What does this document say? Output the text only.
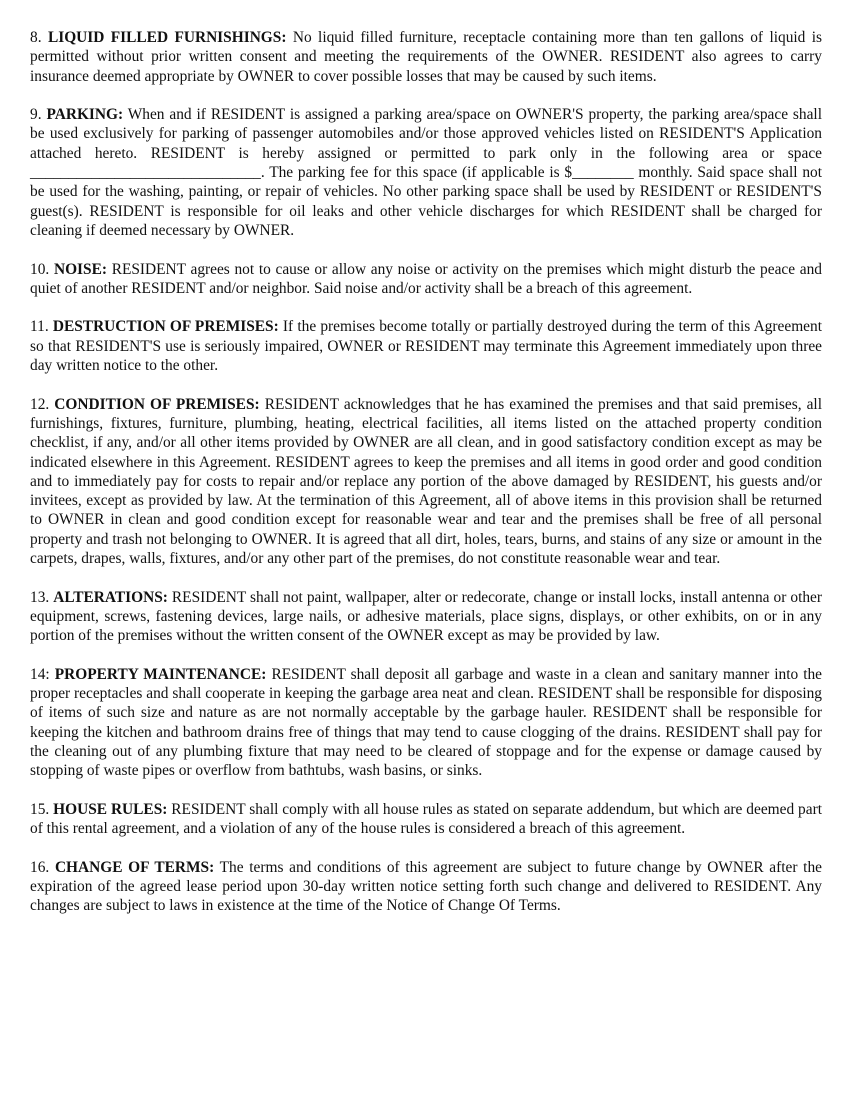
8. LIQUID FILLED FURNISHINGS: No liquid filled furniture, receptacle containing more than ten gallons of liquid is permitted without prior written consent and meeting the requirements of the OWNER. RESIDENT also agrees to carry insurance deemed appropriate by OWNER to cover possible losses that may be caused by such items.

9. PARKING: When and if RESIDENT is assigned a parking area/space on OWNER'S property, the parking area/space shall be used exclusively for parking of passenger automobiles and/or those approved vehicles listed on RESIDENT'S Application attached hereto. RESIDENT is hereby assigned or permitted to park only in the following area or space ______________________________. The parking fee for this space (if applicable is $________ monthly. Said space shall not be used for the washing, painting, or repair of vehicles. No other parking space shall be used by RESIDENT or RESIDENT'S guest(s). RESIDENT is responsible for oil leaks and other vehicle discharges for which RESIDENT shall be charged for cleaning if deemed necessary by OWNER.

10. NOISE: RESIDENT agrees not to cause or allow any noise or activity on the premises which might disturb the peace and quiet of another RESIDENT and/or neighbor. Said noise and/or activity shall be a breach of this agreement.

11. DESTRUCTION OF PREMISES: If the premises become totally or partially destroyed during the term of this Agreement so that RESIDENT'S use is seriously impaired, OWNER or RESIDENT may terminate this Agreement immediately upon three day written notice to the other.

12. CONDITION OF PREMISES: RESIDENT acknowledges that he has examined the premises and that said premises, all furnishings, fixtures, furniture, plumbing, heating, electrical facilities, all items listed on the attached property condition checklist, if any, and/or all other items provided by OWNER are all clean, and in good satisfactory condition except as may be indicated elsewhere in this Agreement. RESIDENT agrees to keep the premises and all items in good order and good condition and to immediately pay for costs to repair and/or replace any portion of the above damaged by RESIDENT, his guests and/or invitees, except as provided by law. At the termination of this Agreement, all of above items in this provision shall be returned to OWNER in clean and good condition except for reasonable wear and tear and the premises shall be free of all personal property and trash not belonging to OWNER. It is agreed that all dirt, holes, tears, burns, and stains of any size or amount in the carpets, drapes, walls, fixtures, and/or any other part of the premises, do not constitute reasonable wear and tear.

13. ALTERATIONS: RESIDENT shall not paint, wallpaper, alter or redecorate, change or install locks, install antenna or other equipment, screws, fastening devices, large nails, or adhesive materials, place signs, displays, or other exhibits, on or in any portion of the premises without the written consent of the OWNER except as may be provided by law.

14: PROPERTY MAINTENANCE: RESIDENT shall deposit all garbage and waste in a clean and sanitary manner into the proper receptacles and shall cooperate in keeping the garbage area neat and clean. RESIDENT shall be responsible for disposing of items of such size and nature as are not normally acceptable by the garbage hauler. RESIDENT shall be responsible for keeping the kitchen and bathroom drains free of things that may tend to cause clogging of the drains. RESIDENT shall pay for the cleaning out of any plumbing fixture that may need to be cleared of stoppage and for the expense or damage caused by stopping of waste pipes or overflow from bathtubs, wash basins, or sinks.

15. HOUSE RULES: RESIDENT shall comply with all house rules as stated on separate addendum, but which are deemed part of this rental agreement, and a violation of any of the house rules is considered a breach of this agreement.

16. CHANGE OF TERMS: The terms and conditions of this agreement are subject to future change by OWNER after the expiration of the agreed lease period upon 30-day written notice setting forth such change and delivered to RESIDENT. Any changes are subject to laws in existence at the time of the Notice of Change Of Terms.
